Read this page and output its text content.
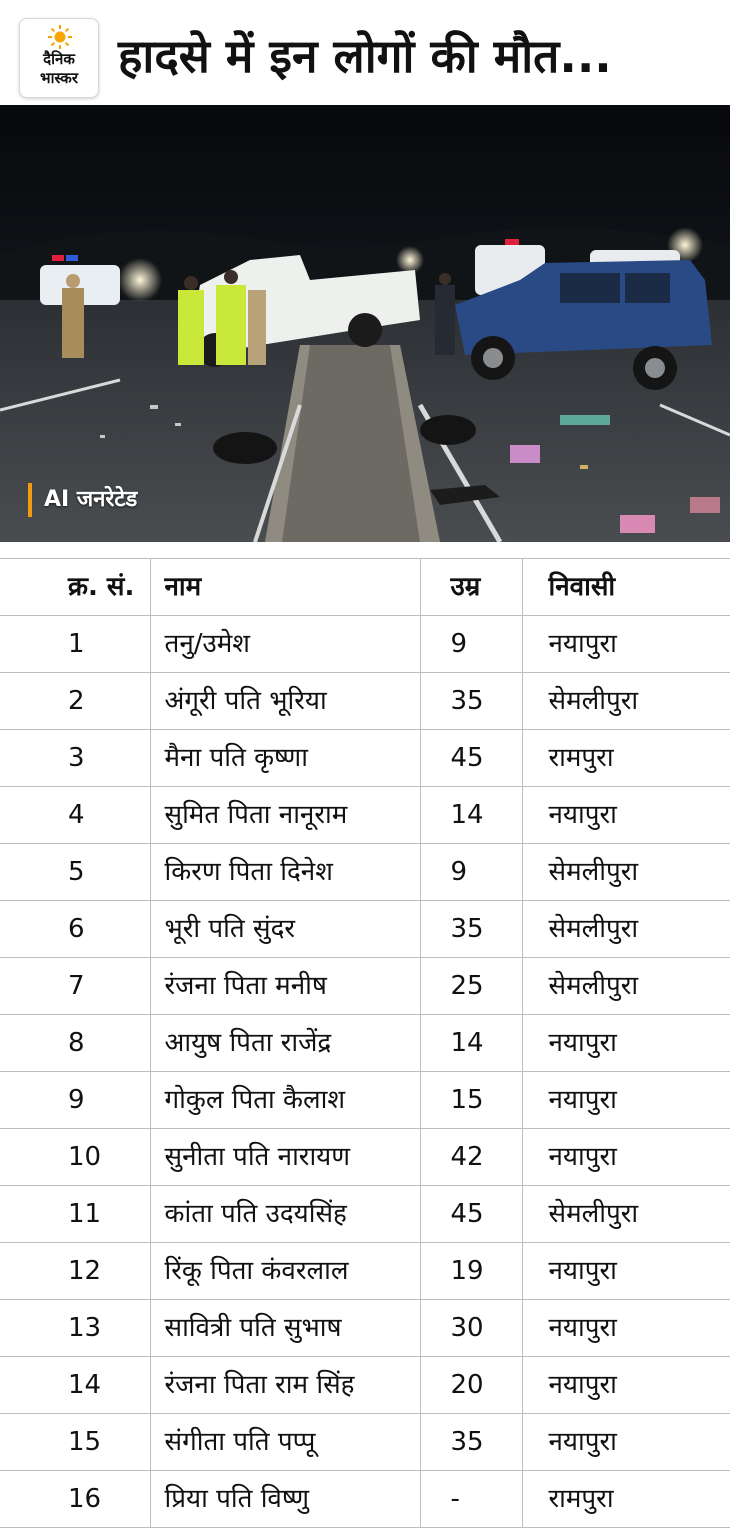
दैनिक
भास्कर हादसे में इन लोगों की मौत...
AI जनरेटेड
क्र. सं.	नाम	उम्र	निवासी
1	तनु/उमेश	9	नयापुरा
2	अंगूरी पति भूरिया	35	सेमलीपुरा
3	मैना पति कृष्णा	45	रामपुरा
4	सुमित पिता नानूराम	14	नयापुरा
5	किरण पिता दिनेश	9	सेमलीपुरा
6	भूरी पति सुंदर	35	सेमलीपुरा
7	रंजना पिता मनीष	25	सेमलीपुरा
8	आयुष पिता राजेंद्र	14	नयापुरा
9	गोकुल पिता कैलाश	15	नयापुरा
10	सुनीता पति नारायण	42	नयापुरा
11	कांता पति उदयसिंह	45	सेमलीपुरा
12	रिंकू पिता कंवरलाल	19	नयापुरा
13	सावित्री पति सुभाष	30	नयापुरा
14	रंजना पिता राम सिंह	20	नयापुरा
15	संगीता पति पप्पू	35	नयापुरा
16	प्रिया पति विष्णु	-	रामपुरा
